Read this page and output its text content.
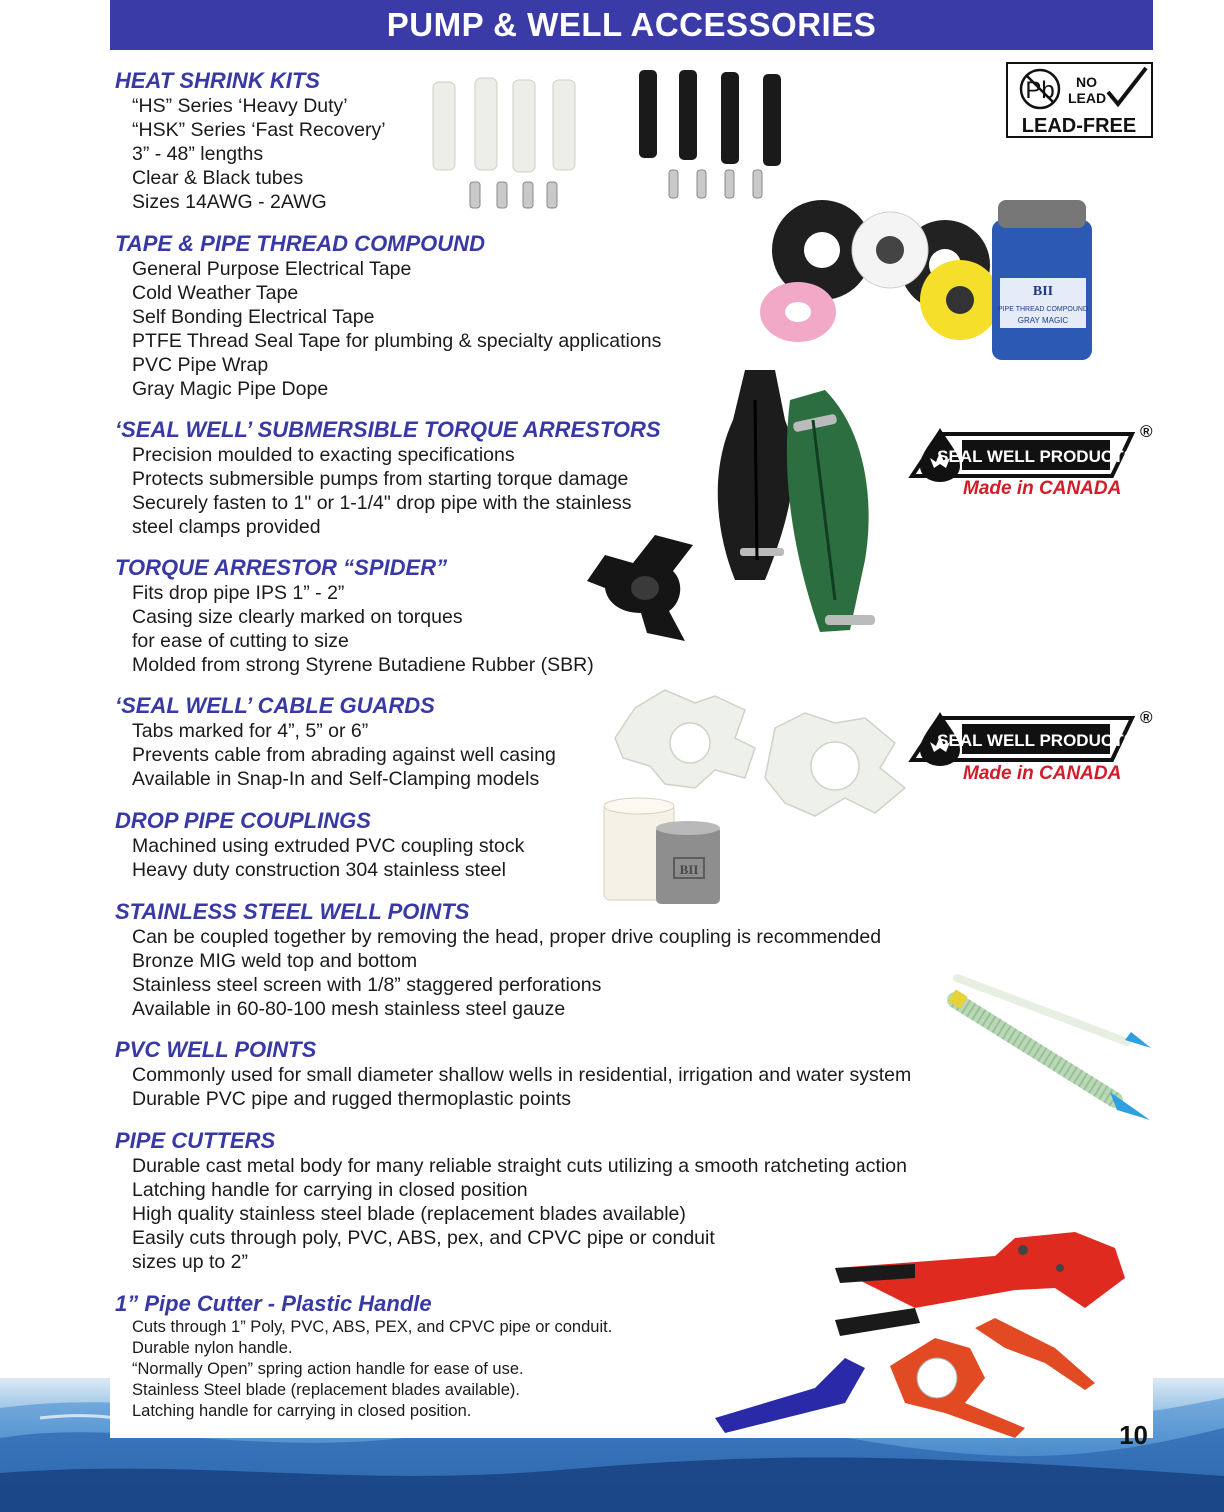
PUMP & WELL ACCESSORIES
HEAT SHRINK KITS
“HS” Series ‘Heavy Duty’
“HSK” Series ‘Fast Recovery’
3” - 48” lengths
Clear & Black tubes
Sizes 14AWG - 2AWG
TAPE & PIPE THREAD COMPOUND
General Purpose Electrical Tape
Cold Weather Tape
Self Bonding Electrical Tape
PTFE Thread Seal Tape for plumbing & specialty applications
PVC Pipe Wrap
Gray Magic Pipe Dope
‘SEAL WELL’ SUBMERSIBLE TORQUE ARRESTORS
Precision moulded to exacting specifications
Protects submersible pumps from starting torque damage
Securely fasten to 1" or 1-1/4" drop pipe with the stainless
steel clamps provided
TORQUE ARRESTOR “SPIDER”
Fits drop pipe IPS 1” - 2”
Casing size clearly marked on torques
for ease of cutting to size
Molded from strong Styrene Butadiene Rubber (SBR)
‘SEAL WELL’ CABLE GUARDS
Tabs marked for 4”, 5” or 6”
Prevents cable from abrading against well casing
Available in Snap-In and Self-Clamping models
DROP PIPE COUPLINGS
Machined using extruded PVC coupling stock
Heavy duty construction 304 stainless steel
STAINLESS STEEL WELL POINTS
Can be coupled together by removing the head, proper drive coupling is recommended
Bronze MIG weld top and bottom
Stainless steel screen with 1/8” staggered perforations
Available in 60-80-100 mesh stainless steel gauze
PVC WELL POINTS
Commonly used for small diameter shallow wells in residential, irrigation and water system
Durable PVC pipe and rugged thermoplastic points
PIPE CUTTERS
Durable cast metal body for many reliable straight cuts utilizing a smooth ratcheting action
Latching handle for carrying in closed position
High quality stainless steel blade (replacement blades available)
Easily cuts through poly, PVC, ABS, pex, and CPVC pipe or conduit
sizes up to 2”
1” Pipe Cutter - Plastic Handle
Cuts through 1” Poly, PVC, ABS, PEX, and CPVC pipe or conduit.
Durable nylon handle.
“Normally Open” spring action handle for ease of use.
Stainless Steel blade (replacement blades available).
Latching handle for carrying in closed position.
Pb NO
LEAD
LEAD-FREE
BII
PIPE THREAD COMPOUND
GRAY MAGIC
SEAL WELL PRODUCTS
®
Made in CANADA
SEAL WELL PRODUCTS
®
Made in CANADA
BII
10
